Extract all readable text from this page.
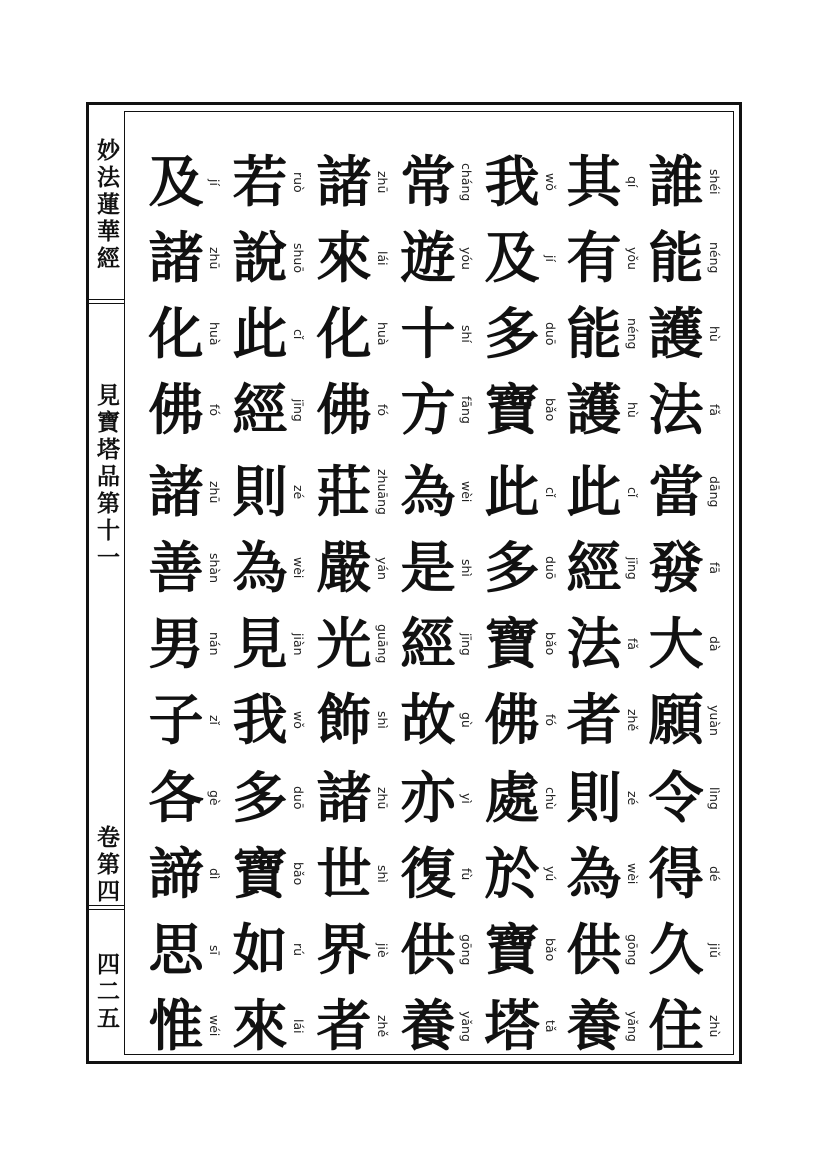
妙法蓮華經
見寶塔品第十一
卷第四
四二五
誰 shéi
能 néng
護 hù
法 fǎ
當 dāng
發 fā
大 dà
願 yuàn
令 lìng
得 dé
久 jiǔ
住 zhù
其 qí
有 yǒu
能 néng
護 hù
此 cǐ
經 jīng
法 fǎ
者 zhě
則 zé
為 wèi
供 gōng
養 yǎng
我 wǒ
及 jí
多 duō
寶 bǎo
此 cǐ
多 duō
寶 bǎo
佛 fó
處 chù
於 yú
寶 bǎo
塔 tǎ
常 cháng
遊 yóu
十 shí
方 fāng
為 wèi
是 shì
經 jīng
故 gù
亦 yì
復 fù
供 gōng
養 yǎng
諸 zhū
來 lái
化 huà
佛 fó
莊 zhuāng
嚴 yán
光 guāng
飾 shì
諸 zhū
世 shì
界 jiè
者 zhě
若 ruò
說 shuō
此 cǐ
經 jīng
則 zé
為 wèi
見 jiàn
我 wǒ
多 duō
寶 bǎo
如 rú
來 lái
及 jí
諸 zhū
化 huà
佛 fó
諸 zhū
善 shàn
男 nán
子 zǐ
各 gè
諦 dì
思 sī
惟 wéi
